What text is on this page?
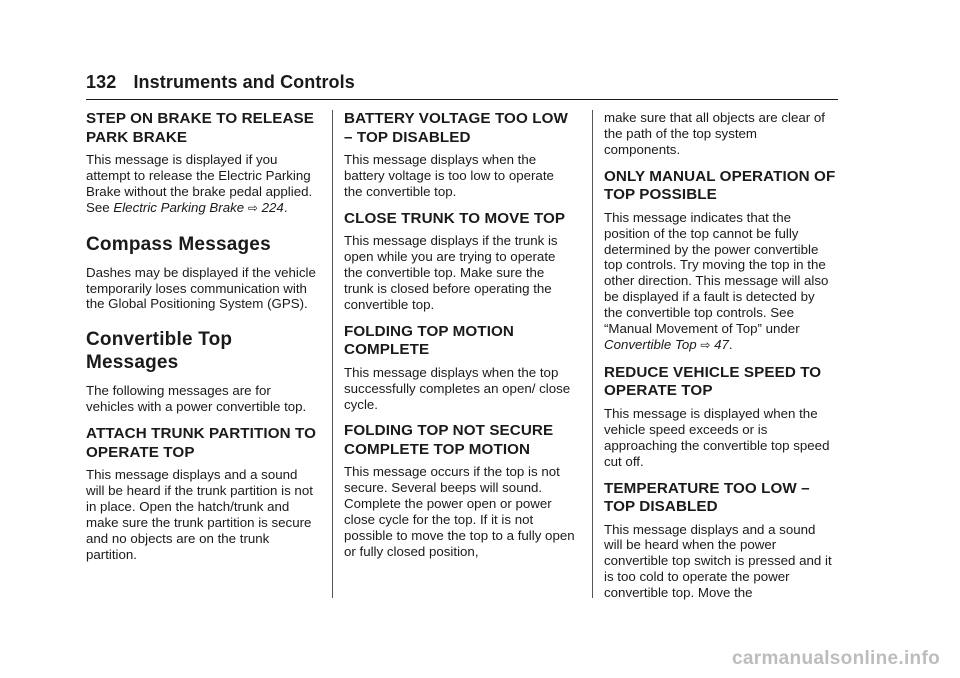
132 Instruments and Controls
STEP ON BRAKE TO RELEASE PARK BRAKE

This message is displayed if you attempt to release the Electric Parking Brake without the brake pedal applied. See Electric Parking Brake ⇨ 224.

Compass Messages

Dashes may be displayed if the vehicle temporarily loses communication with the Global Positioning System (GPS).

Convertible Top Messages

The following messages are for vehicles with a power convertible top.

ATTACH TRUNK PARTITION TO OPERATE TOP

This message displays and a sound will be heard if the trunk partition is not in place. Open the hatch/trunk and make sure the trunk partition is secure and no objects are on the trunk partition.

BATTERY VOLTAGE TOO LOW – TOP DISABLED

This message displays when the battery voltage is too low to operate the convertible top.

CLOSE TRUNK TO MOVE TOP

This message displays if the trunk is open while you are trying to operate the convertible top. Make sure the trunk is closed before operating the convertible top.

FOLDING TOP MOTION COMPLETE

This message displays when the top successfully completes an open/ close cycle.

FOLDING TOP NOT SECURE COMPLETE TOP MOTION

This message occurs if the top is not secure. Several beeps will sound. Complete the power open or power close cycle for the top. If it is not possible to move the top to a fully open or fully closed position,

make sure that all objects are clear of the path of the top system components.

ONLY MANUAL OPERATION OF TOP POSSIBLE

This message indicates that the position of the top cannot be fully determined by the power convertible top controls. Try moving the top in the other direction. This message will also be displayed if a fault is detected by the convertible top controls. See “Manual Movement of Top” under Convertible Top ⇨ 47.

REDUCE VEHICLE SPEED TO OPERATE TOP

This message is displayed when the vehicle speed exceeds or is approaching the convertible top speed cut off.

TEMPERATURE TOO LOW – TOP DISABLED

This message displays and a sound will be heard when the power convertible top switch is pressed and it is too cold to operate the power convertible top. Move the

carmanualsonline.info
